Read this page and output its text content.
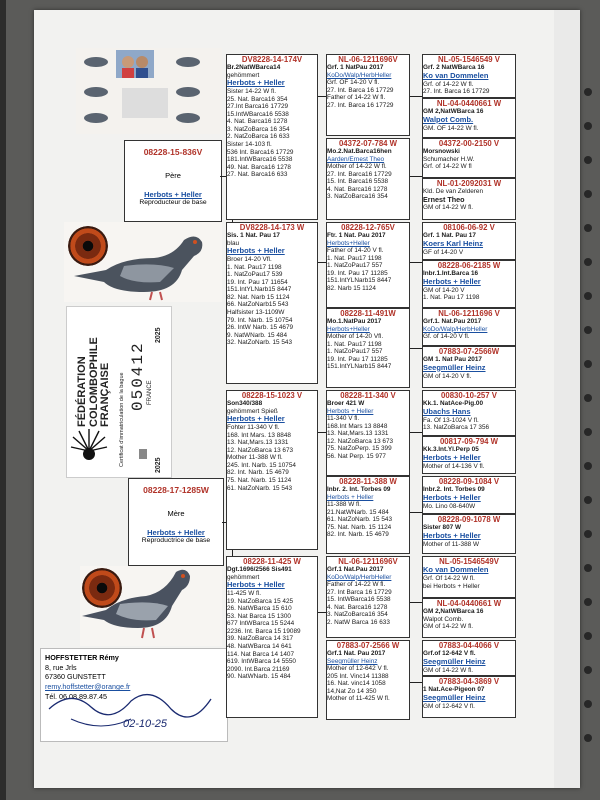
08228-15-836V
Père
Herbots + Heller
Reproducteur de base
FÉDÉRATION COLOMBOPHILE FRANÇAISE Certificat d'immatriculation de la bague 050412 FRANCE
2025
2025
08228-17-1285W
Mère
Herbots + Heller
Reproductrice de base
HOFFSTETTER Rémy
8, rue Jrls
67360 GUNSTETT
remy.hoffstetter@orange.fr
Tél. 06.08.89.87.45
02-10-25
DV8228-14-174V
Br.2NatWBarca14
gehömmert
Herbots + Heller
Sister 14-22 W fl.
25. Nat. Barca16 354
27.Int Barca16 17729
15.IntWBarca16 5538
4. Nat. Barca16 1278
3. NatZoBarca 16 354
2. NatZoBarca 16 633
Sister 14-103 fl.
536 Int. Barca16 17729
181.IntWBarca16 5538
49. Nat. Barca16 1278
27. Nat. Barca16 633
DV8228-14-173 W
Sis. 1 Nat. Pau 17
blau
Herbots + Heller
Broer 14-20 Vfl.
1. Nat. Pau17 1198
1. NatZoPau17 539
19. Int. Pau 17 11654
151.IntYLNarb15 8447
82. Nat. Narb 15 1124
66. NatZoNarb15 543
Halfsister 13-1109W
79. Int. Narb. 15 10754
26. IntW Narb. 15 4679
9. NatWNarb. 15 484
32. NatZoNarb. 15 543
08228-15-1023 V
Son340/388
gehömmert Spieß
Herbots + Heller
Fohter 11-340 V fl.
168. Int Mars. 13 8848
13. Nat,Mars.13 1331
12. NatZoBarca 13 673
Mother 11-388 W fl.
245. Int. Narb. 15 10754
82. Int. Narb. 15 4679
75. Nat. Narb. 15 1124
61. NatZoNarb. 15 543
08228-11-425 W
Dgt.1696/2566 Sis491
gehömmert
Herbots + Heller
11-425 W fl.
19. NatZoBarca 15 425
26. NatWBarca 15 610
53. Nat Barca 15 1300
677 IntWBarca 15 5244
2236. Int. Barca 15 19089
39. NatZoBarca 14 317
48. NatWBarca 14 641
114. Nat Barca 14 1407
619. IntWBarca 14 5550
2090. Int.Barca 21169
90. NatWNarb. 15 484
NL-06-1211696V
Grf. 1 NatPau 2017
KoDo/Walp/HerbHeller
Grf. OF 14-20 V fl.
27. Int. Barca 16 17729
Father of 14-22 W fl.
27. Int. Barca 16 17729
04372-07-784 W
Mo.2.Nat.Barca16hen
Aarden/Ernest Theo
Mother of 14-22 W fl.
27. Int. Barca16 17729
15. Int. Barca16 5538
4. Nat. Barca16 1278
3. NatZoBarca16 354
08228-12-765V
Ftr. 1 Nat. Pau 2017
Herbots+Heller
Father of 14-20 V fl.
1. Nat. Pau17 1198
1. NatZoPau17 557
19. Int. Pau 17 11285
151.IntYLNarb15 8447
82. Narb 15 1124
08228-11-491W
Mo.1.NatPau 2017
Herbots+Heller
Mother of 14-20 Vfl.
1. Nat. Pau17 1198
1. NatZoPau17 557
19. Int. Pau 17 11285
151.IntYLNarb15 8447
08228-11-340 V
Broer 421 W
Herbots + Heller
11-340 V fl.
168.Int Mars 13 8848
13. Nat,Mars.13 1331
12. NatZoBarca 13 673
75. NatZoPerp. 15 399
56. Nat Perp. 15 977
08228-11-388 W
Inbr. 2. Int. Torbes 09
Herbots + Heller
11-388 W fl.
21.NatWNarb. 15 484
61. NatZoNarb. 15 543
75. Nat. Narb. 15 1124
82. Int. Narb. 15 4679
NL-06-1211696V
Grf.1 Nat.Pau 2017
KoDo/Walp/HerbHeller
Father of 14-22 W fl.
27. Int Barca 16 17729
15. IntWBarca16 5538
4. Nat. Barca16 1278
3. NatZoBarca16 354
2. NatW Barca 16 633
07883-07-2566 W
Grf.1 Nat. Pau 2017
Seegmüller Heinz
Mother of 12-642 V fl.
205 Int. Vinc14 11388
16. Nat. vinc14 1058
14,Nat Zo 14 350
Mother of 11-425 W fl.
NL-05-1546549 V
Grf. 2 NatWBarca 16
Ko van Dommelen
Grf. of 14-22 W fl.
27. Int. Barca 16 17729
NL-04-0440661 W
GM 2,NatWBarca 16
Walpot Comb.
GM. OF 14-22 W fl.
04372-00-2150 V
Morsnowski
Schumacher H.W.
Grf. of 14-22 W fl
NL-01-2092031 W
Kld. De van Zelderen
Ernest Theo
GM of 14-22 W fl.
08106-06-92 V
Grf. 1 Nat. Pau 17
Koers Karl Heinz
GF of 14-20 V
08228-06-2185 W
Inbr.1.Int.Barca 16
Herbots + Heller
GM of 14-20 V
1. Nat. Pau 17 1198
NL-06-1211696 V
Grf.1. Nat.Pau 2017
KoDo/Walp/HerbHeller
Gf. of 14-20 V fl.
07883-07-2566W
GM 1. Nat Pau 2017
Seegmüller Heinz
GM of 14-20 V fl.
00830-10-257 V
Kk.1. NatAce-Pig.00
Ubachs Hans
Fa. Of 13-1024 V fl.
13. NatZoBarca 17 356
00817-09-794 W
Kk.3.Int.Yl.Perp 05
Herbots + Heller
Mother of 14-136 V fl.
08228-09-1084 V
Inbr.2. Int. Torbes 09
Herbots + Heller
Mo. Lino 08-640W
08228-09-1078 W
Sister 807 W
Herbots + Heller
Mother of 11-388 W
NL-05-1546549V
Ko van Dommelen
Grf. Of 14-22 W fl.
bei Herbots + Heller
NL-04-0440661 W
GM 2,NatWBarca 16
Walpot Comb.
GM of 14-22 W fl.
07883-04-4066 V
Grf.of 12-642 V fl.
Seegmüller Heinz
GM of 14-22 W fl.
07883-04-3869 V
1 Nat.Ace-Pigeon 07
Seegmüller Heinz
GM of 12-642 V fl.
